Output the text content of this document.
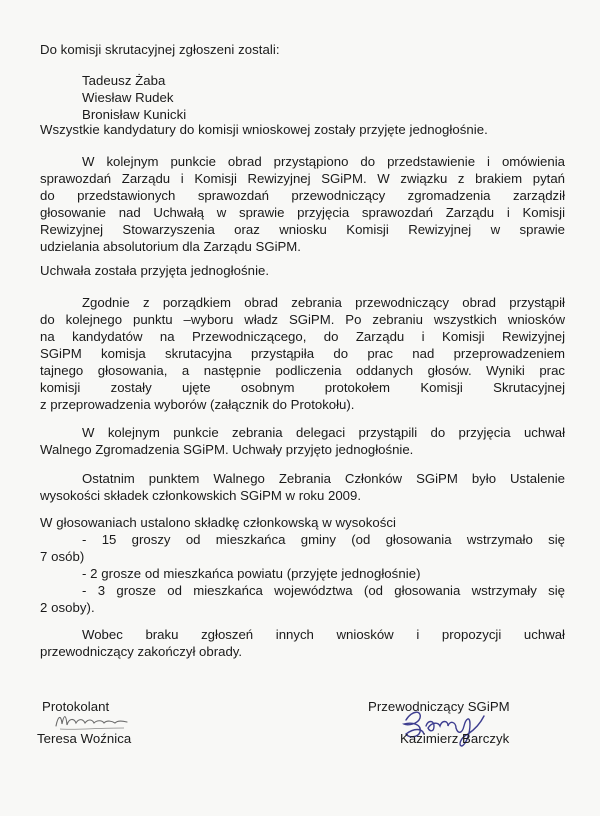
Do komisji skrutacyjnej zgłoszeni zostali:
Tadeusz Żaba
Wiesław Rudek
Bronisław Kunicki
Wszystkie kandydatury do komisji wnioskowej zostały przyjęte jednogłośnie.
W kolejnym punkcie obrad przystąpiono do przedstawienie i omówienia
sprawozdań Zarządu i Komisji Rewizyjnej SGiPM. W związku z brakiem pytań
do przedstawionych sprawozdań przewodniczący zgromadzenia zarządził
głosowanie nad Uchwałą w sprawie przyjęcia sprawozdań Zarządu i Komisji
Rewizyjnej Stowarzyszenia oraz wniosku Komisji Rewizyjnej w sprawie
udzielania absolutorium dla Zarządu SGiPM.
Uchwała została przyjęta jednogłośnie.
Zgodnie z porządkiem obrad zebrania przewodniczący obrad przystąpił
do kolejnego punktu –wyboru władz SGiPM. Po zebraniu wszystkich wniosków
na kandydatów na Przewodniczącego, do Zarządu i Komisji Rewizyjnej
SGiPM komisja skrutacyjna przystąpiła do prac nad przeprowadzeniem
tajnego głosowania, a następnie podliczenia oddanych głosów. Wyniki prac
komisji zostały ujęte osobnym protokołem Komisji Skrutacyjnej
z przeprowadzenia wyborów (załącznik do Protokołu).
W kolejnym punkcie zebrania delegaci przystąpili do przyjęcia uchwał
Walnego Zgromadzenia SGiPM. Uchwały przyjęto jednogłośnie.
Ostatnim punktem Walnego Zebrania Członków SGiPM było Ustalenie
wysokości składek członkowskich SGiPM w roku 2009.
W głosowaniach ustalono składkę członkowską w wysokości
- 15 groszy od mieszkańca gminy (od głosowania wstrzymało się
7 osób)
- 2 grosze od mieszkańca powiatu (przyjęte jednogłośnie)
- 3 grosze od mieszkańca województwa (od głosowania wstrzymały się
2 osoby).
Wobec braku zgłoszeń innych wniosków i propozycji uchwał
przewodniczący zakończył obrady.
Protokolant
Teresa Woźnica
Przewodniczący SGiPM
Kazimierz Barczyk
